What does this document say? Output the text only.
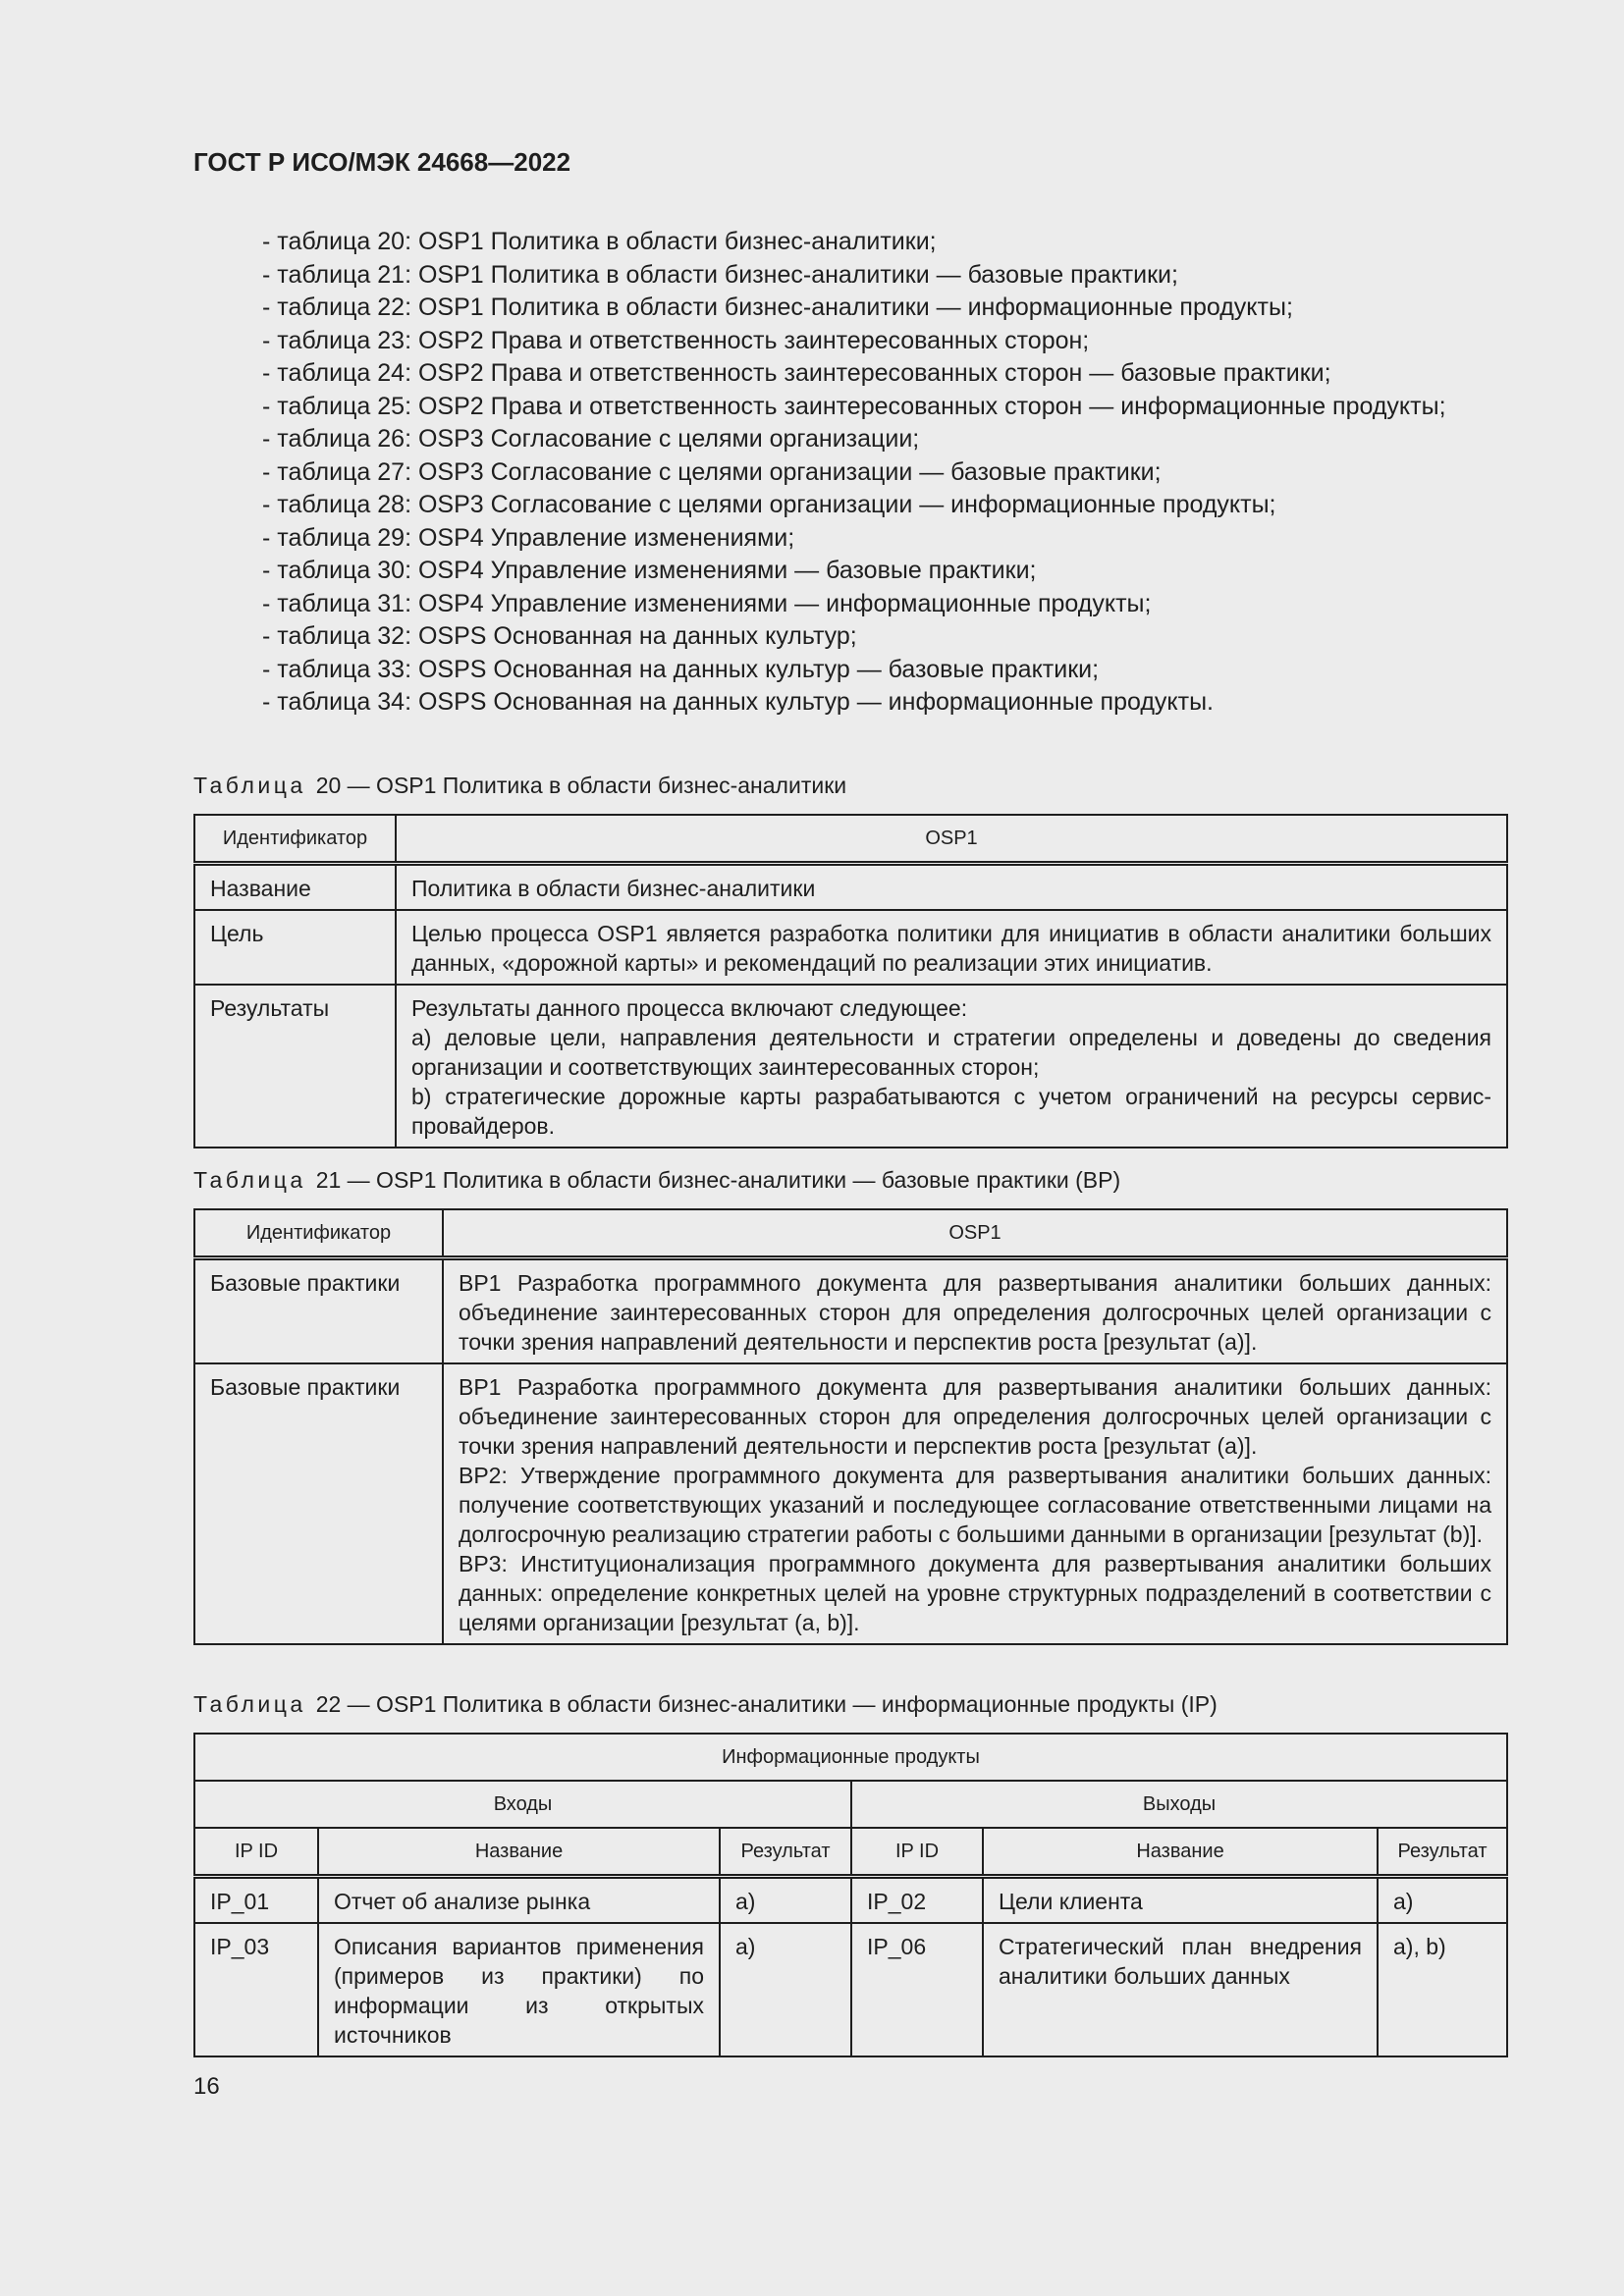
ГОСТ Р ИСО/МЭК 24668—2022
- таблица 20: OSP1 Политика в области бизнес-аналитики;
- таблица 21: OSP1 Политика в области бизнес-аналитики — базовые практики;
- таблица 22: OSP1 Политика в области бизнес-аналитики — информационные продукты;
- таблица 23: OSP2 Права и ответственность заинтересованных сторон;
- таблица 24: OSP2 Права и ответственность заинтересованных сторон — базовые практики;
- таблица 25: OSP2 Права и ответственность заинтересованных сторон — информационные продукты;
- таблица 26: OSP3 Согласование с целями организации;
- таблица 27: OSP3 Согласование с целями организации — базовые практики;
- таблица 28: OSP3 Согласование с целями организации — информационные продукты;
- таблица 29: OSP4 Управление изменениями;
- таблица 30: OSP4 Управление изменениями — базовые практики;
- таблица 31: OSP4 Управление изменениями — информационные продукты;
- таблица 32: OSPS Основанная на данных культур;
- таблица 33: OSPS Основанная на данных культур — базовые практики;
- таблица 34: OSPS Основанная на данных культур — информационные продукты.
Таблица 20 — OSP1 Политика в области бизнес-аналитики
Идентификатор	OSP1
Название	Политика в области бизнес-аналитики
Цель	Целью процесса OSP1 является разработка политики для инициатив в области аналитики больших данных, «дорожной карты» и рекомендаций по реализации этих инициатив.
Результаты	Результаты данного процесса включают следующее:
a) деловые цели, направления деятельности и стратегии определены и доведены до сведения организации и соответствующих заинтересованных сторон;
b) стратегические дорожные карты разрабатываются с учетом ограничений на ресурсы сервис-провайдеров.
Таблица 21 — OSP1 Политика в области бизнес-аналитики — базовые практики (BP)
Идентификатор	OSP1
Базовые практики	BP1 Разработка программного документа для развертывания аналитики больших данных: объединение заинтересованных сторон для определения долгосрочных целей организации с точки зрения направлений деятельности и перспектив роста [результат (a)].
Базовые практики	BP1 Разработка программного документа для развертывания аналитики больших данных: объединение заинтересованных сторон для определения долгосрочных целей организации с точки зрения направлений деятельности и перспектив роста [результат (a)].
BP2: Утверждение программного документа для развертывания аналитики больших данных: получение соответствующих указаний и последующее согласование ответственными лицами на долгосрочную реализацию стратегии работы с большими данными в организации [результат (b)].
BP3: Институционализация программного документа для развертывания аналитики больших данных: определение конкретных целей на уровне структурных подразделений в соответствии с целями организации [результат (a, b)].
Таблица 22 — OSP1 Политика в области бизнес-аналитики — информационные продукты (IP)
Информационные продукты					
Входы			Выходы		
IP ID	Название	Результат	IP ID	Название	Результат
IP_01	Отчет об анализе рынка	a)	IP_02	Цели клиента	a)
IP_03	Описания вариантов применения (примеров из практики) по информации из открытых источников	a)	IP_06	Стратегический план внедрения аналитики больших данных	a), b)
16
